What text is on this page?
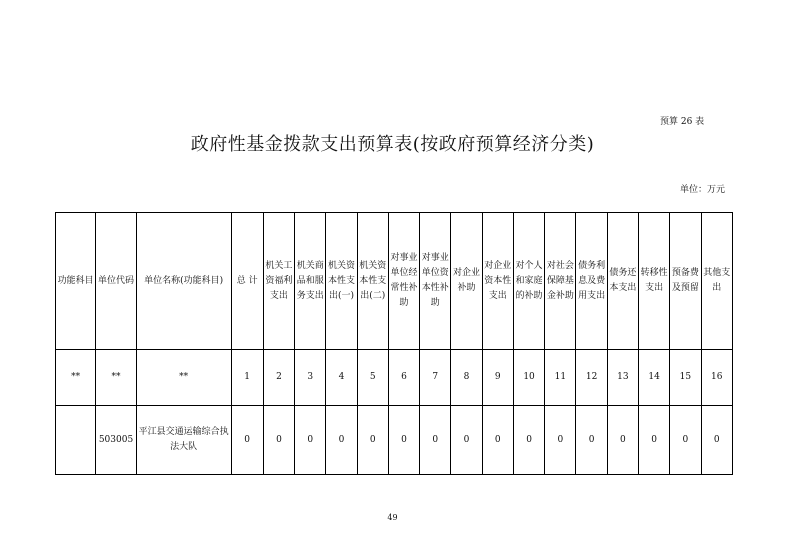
预算 26 表
政府性基金拨款支出预算表(按政府预算经济分类)
单位：万元
功能科目	单位代码	单位名称(功能科目)	总 计	机关工资福利支出	机关商品和服务支出	机关资本性支出(一)	机关资本性支出(二)	对事业单位经常性补助	对事业单位资本性补助	对企业补助	对企业资本性支出	对个人和家庭的补助	对社会保障基金补助	债务利息及费用支出	债务还本支出	转移性支出	预备费及预留	其他支出
**	**	**	1	2	3	4	5	6	7	8	9	10	11	12	13	14	15	16
	503005	平江县交通运输综合执法大队	0	0	0	0	0	0	0	0	0	0	0	0	0	0	0	0
49
